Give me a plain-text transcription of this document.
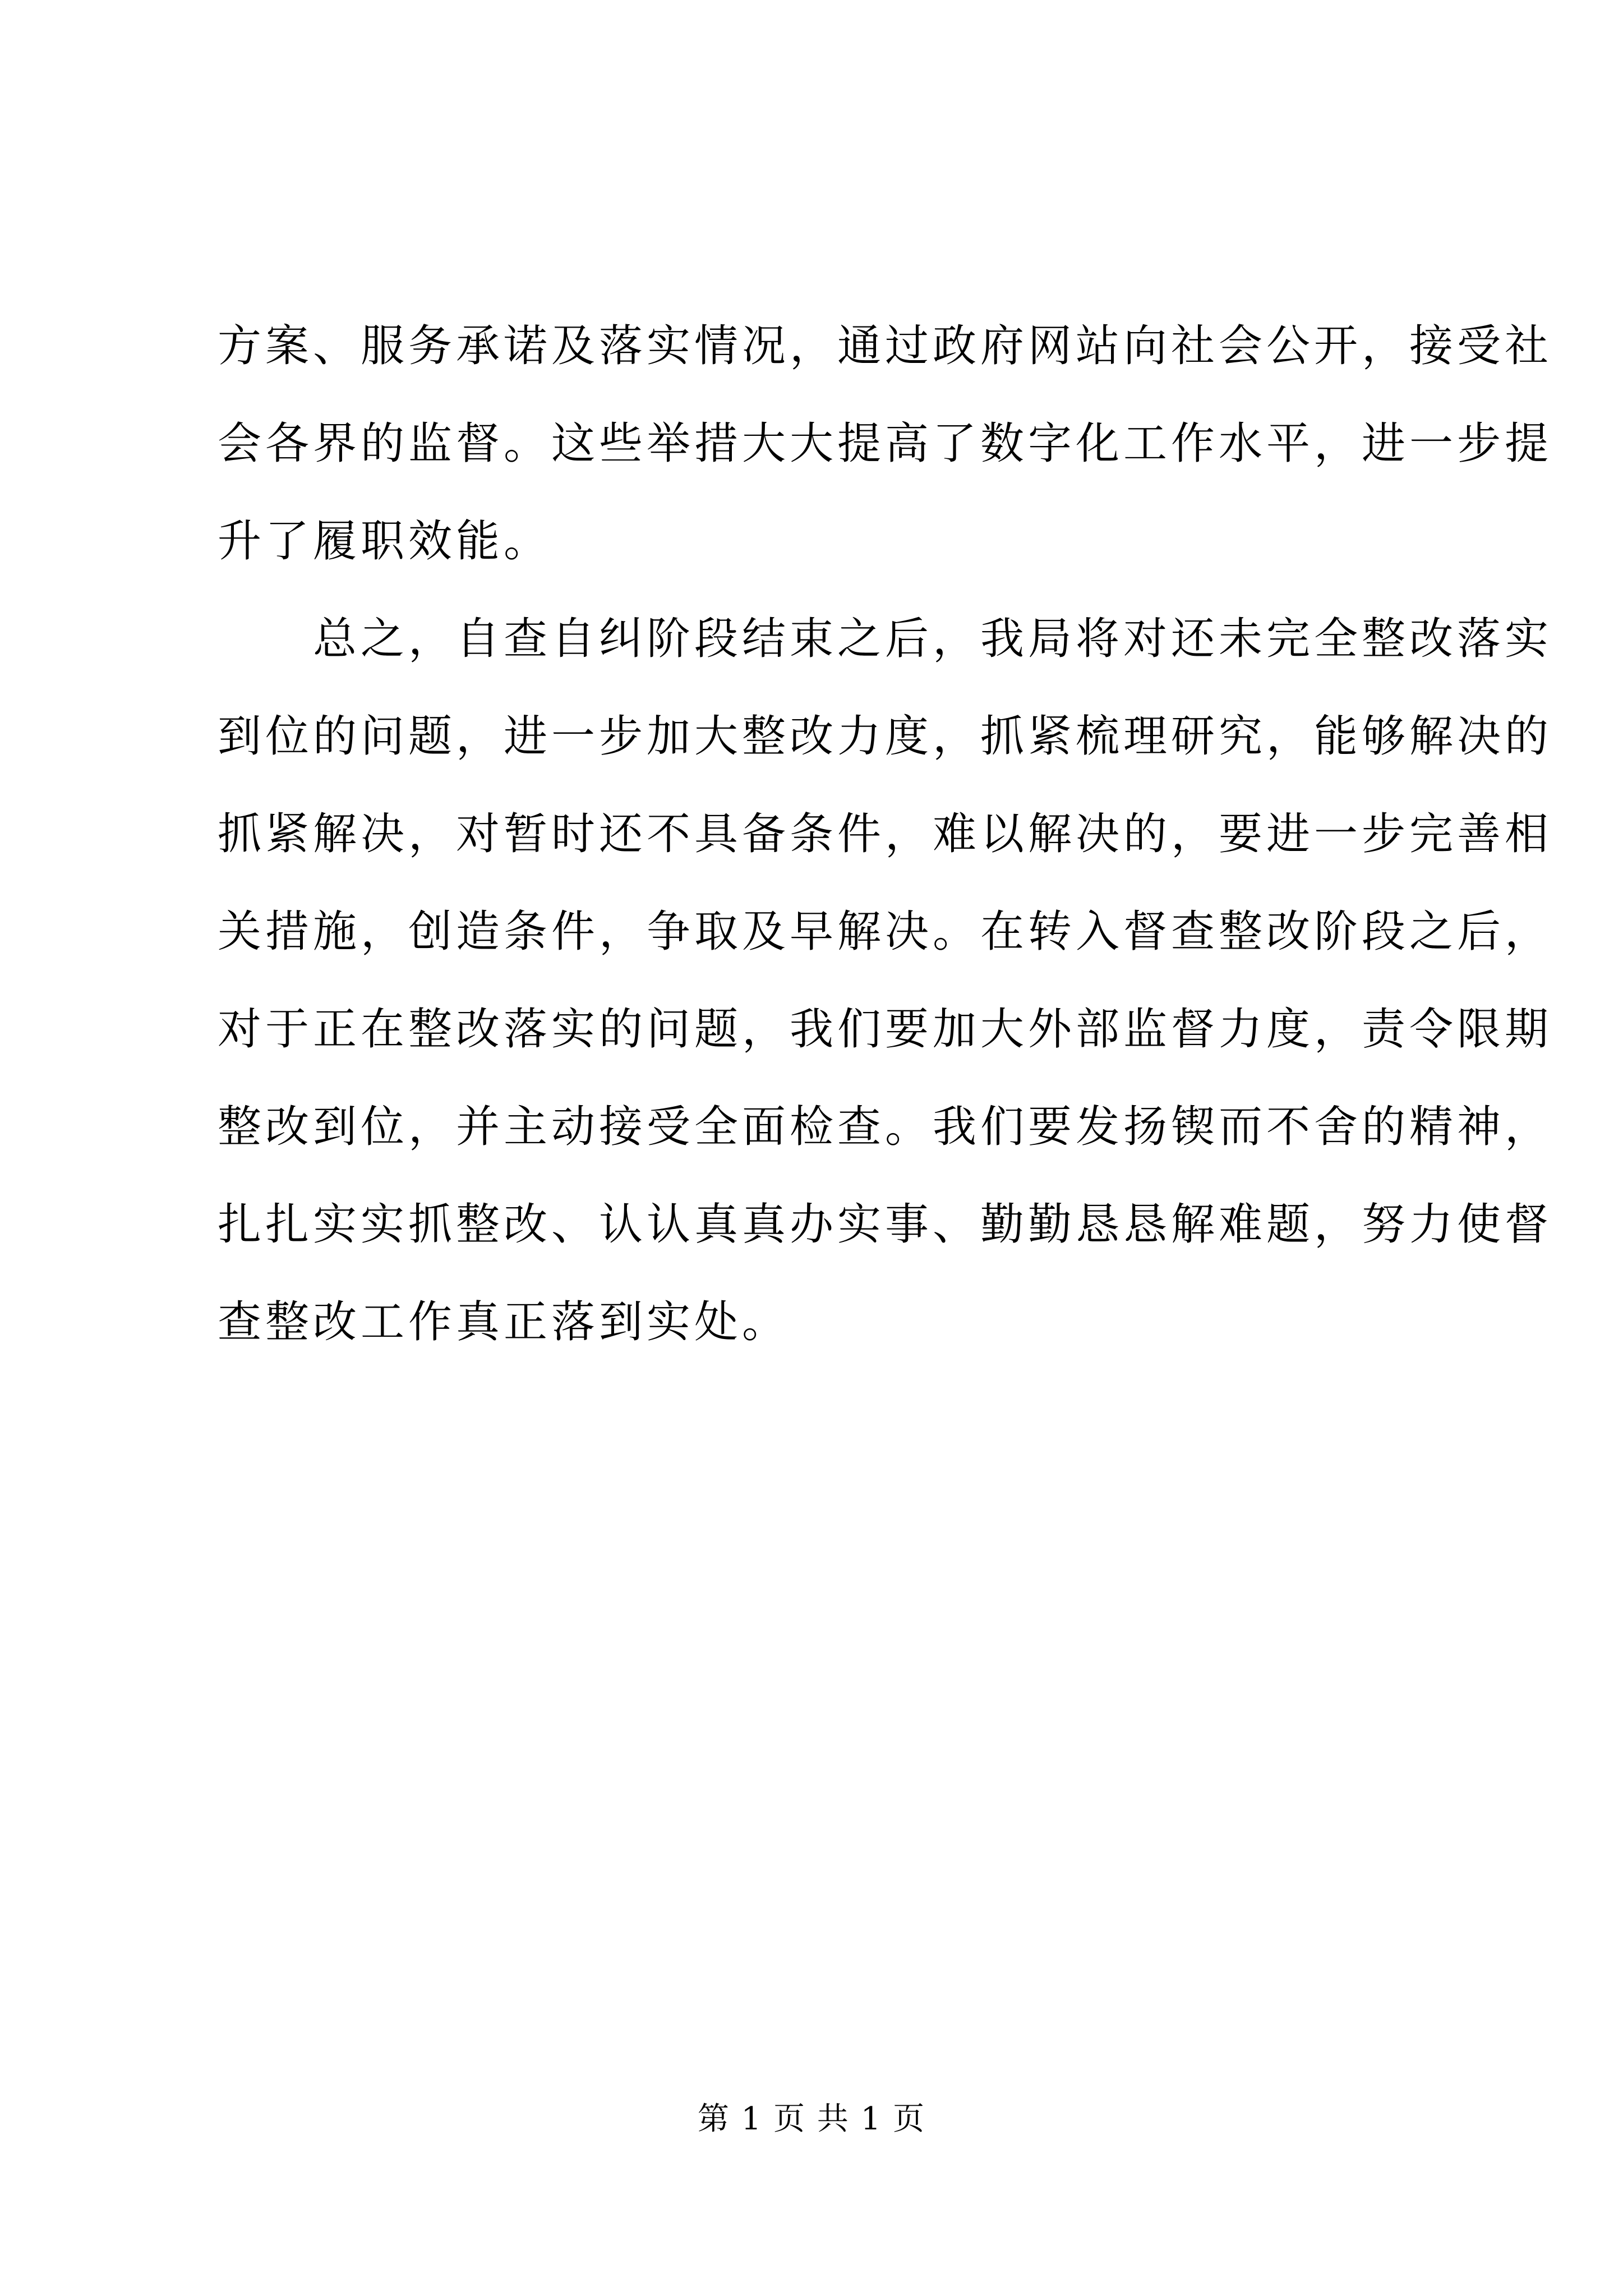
方案、服务承诺及落实情况，通过政府网站向社会公开，接受社
会各界的监督。这些举措大大提高了数字化工作水平，进一步提
升了履职效能。
　　总之，自查自纠阶段结束之后，我局将对还未完全整改落实
到位的问题，进一步加大整改力度，抓紧梳理研究，能够解决的
抓紧解决，对暂时还不具备条件，难以解决的，要进一步完善相
关措施，创造条件，争取及早解决。在转入督查整改阶段之后，
对于正在整改落实的问题，我们要加大外部监督力度，责令限期
整改到位，并主动接受全面检查。我们要发扬锲而不舍的精神，
扎扎实实抓整改、认认真真办实事、勤勤恳恳解难题，努力使督
查整改工作真正落到实处。
第 1 页 共 1 页
